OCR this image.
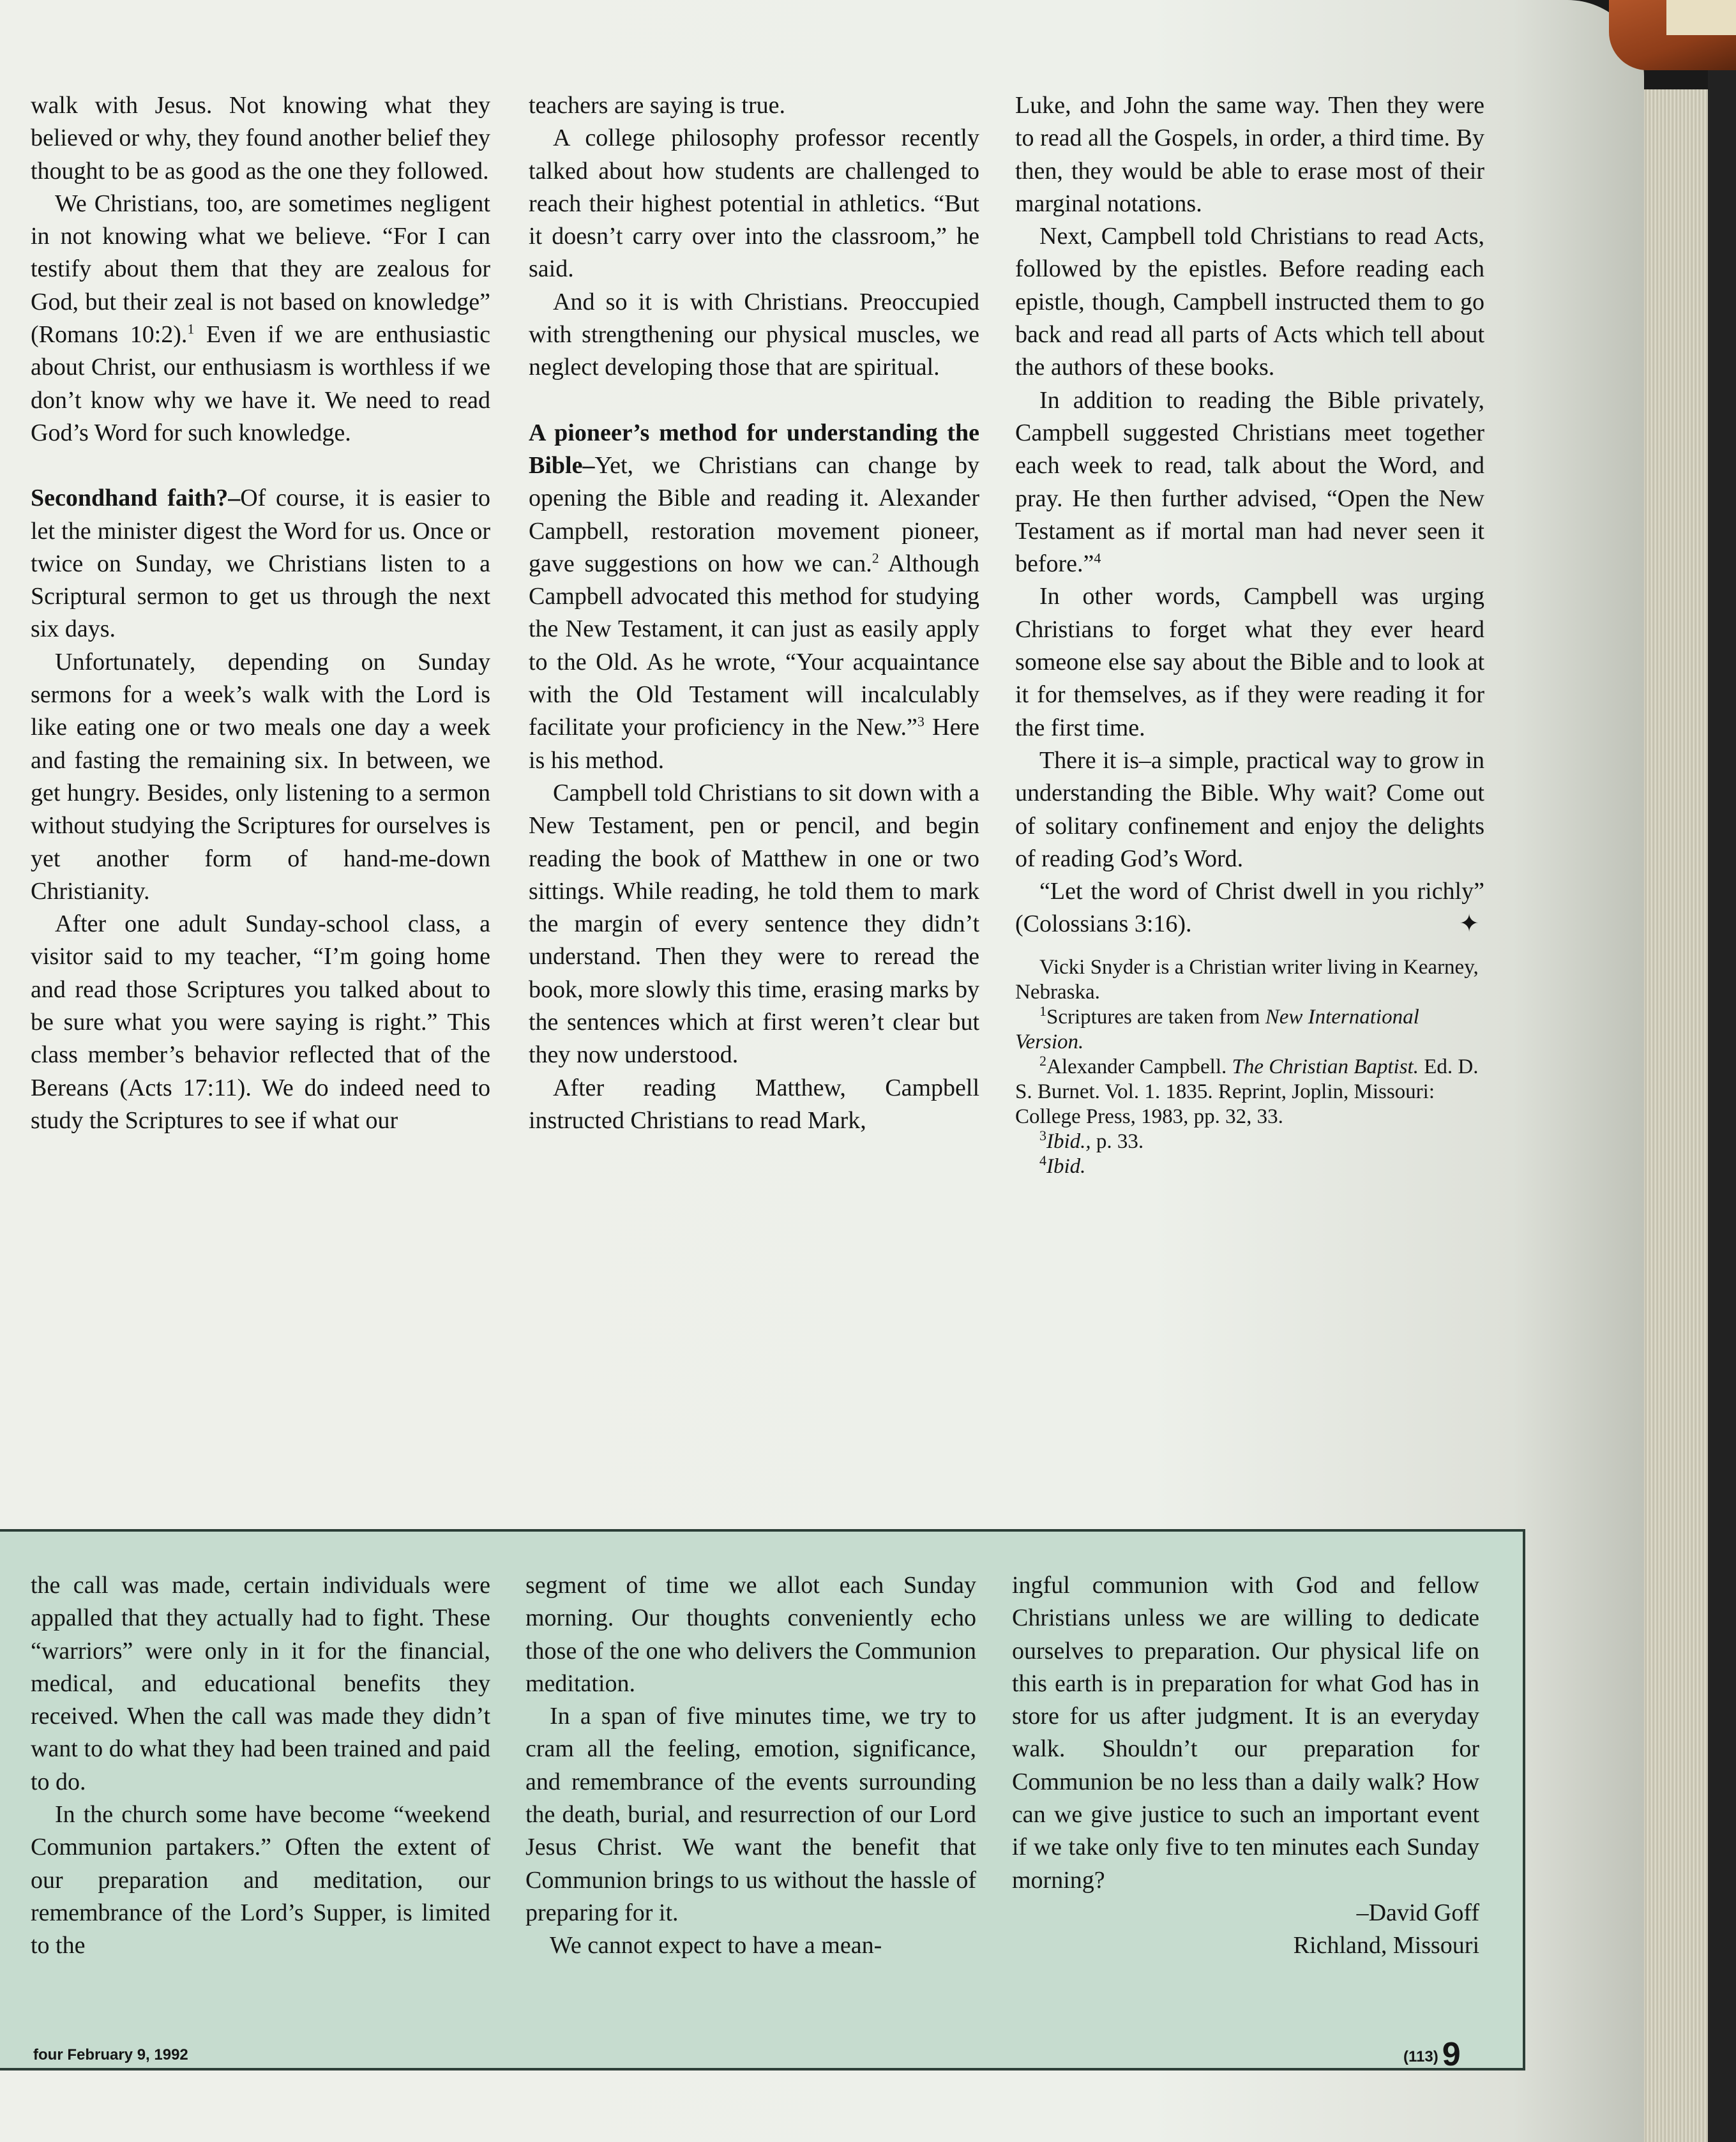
walk with Jesus. Not knowing what they believed or why, they found another belief they thought to be as good as the one they followed.

We Christians, too, are sometimes negligent in not knowing what we believe. “For I can testify about them that they are zealous for God, but their zeal is not based on knowledge” (Romans 10:2).$^1$ Even if we are enthusiastic about Christ, our enthusiasm is worthless if we don’t know why we have it. We need to read God’s Word for such knowledge.

Secondhand faith?–Of course, it is easier to let the minister digest the Word for us. Once or twice on Sunday, we Christians listen to a Scriptural sermon to get us through the next six days.

Unfortunately, depending on Sunday sermons for a week’s walk with the Lord is like eating one or two meals one day a week and fasting the remaining six. In between, we get hungry. Besides, only listening to a sermon without studying the Scriptures for ourselves is yet another form of hand-me-down Christianity.

After one adult Sunday-school class, a visitor said to my teacher, “I’m going home and read those Scriptures you talked about to be sure what you were saying is right.” This class member’s behavior reflected that of the Bereans (Acts 17:11). We do indeed need to study the Scriptures to see if what our

teachers are saying is true.

A college philosophy professor recently talked about how students are challenged to reach their highest potential in athletics. “But it doesn’t carry over into the classroom,” he said.

And so it is with Christians. Preoccupied with strengthening our physical muscles, we neglect developing those that are spiritual.

A pioneer’s method for understanding the Bible–Yet, we Christians can change by opening the Bible and reading it. Alexander Campbell, restoration movement pioneer, gave suggestions on how we can.$^2$ Although Campbell advocated this method for studying the New Testament, it can just as easily apply to the Old. As he wrote, “Your acquaintance with the Old Testament will incalculably facilitate your proficiency in the New.”$^3$ Here is his method.

Campbell told Christians to sit down with a New Testament, pen or pencil, and begin reading the book of Matthew in one or two sittings. While reading, he told them to mark the margin of every sentence they didn’t understand. Then they were to reread the book, more slowly this time, erasing marks by the sentences which at first weren’t clear but they now understood.

After reading Matthew, Campbell instructed Christians to read Mark,

Luke, and John the same way. Then they were to read all the Gospels, in order, a third time. By then, they would be able to erase most of their marginal notations.

Next, Campbell told Christians to read Acts, followed by the epistles. Before reading each epistle, though, Campbell instructed them to go back and read all parts of Acts which tell about the authors of these books.

In addition to reading the Bible privately, Campbell suggested Christians meet together each week to read, talk about the Word, and pray. He then further advised, “Open the New Testament as if mortal man had never seen it before.”$^4$

In other words, Campbell was urging Christians to forget what they ever heard someone else say about the Bible and to look at it for themselves, as if they were reading it for the first time.

There it is–a simple, practical way to grow in understanding the Bible. Why wait? Come out of solitary confinement and enjoy the delights of reading God’s Word.

“Let the word of Christ dwell in you richly” (Colossians 3:16).	✦

Vicki Snyder is a Christian writer living in Kearney, Nebraska.
$^1$Scriptures are taken from New International Version.
$^2$Alexander Campbell. The Christian Baptist. Ed. D. S. Burnet. Vol. 1. 1835. Reprint, Joplin, Missouri: College Press, 1983, pp. 32, 33.
$^3$Ibid., p. 33.
$^4$Ibid.

the call was made, certain individuals were appalled that they actually had to fight. These “warriors” were only in it for the financial, medical, and educational benefits they received. When the call was made they didn’t want to do what they had been trained and paid to do.

In the church some have become “weekend Communion partakers.” Often the extent of our preparation and meditation, our remembrance of the Lord’s Supper, is limited to the

segment of time we allot each Sunday morning. Our thoughts conveniently echo those of the one who delivers the Communion meditation.

In a span of five minutes time, we try to cram all the feeling, emotion, significance, and remembrance of the events surrounding the death, burial, and resurrection of our Lord Jesus Christ. We want the benefit that Communion brings to us without the hassle of preparing for it.

We cannot expect to have a mean-

ingful communion with God and fellow Christians unless we are willing to dedicate ourselves to preparation. Our physical life on this earth is in preparation for what God has in store for us after judgment. It is an everyday walk. Shouldn’t our preparation for Communion be no less than a daily walk? How can we give justice to such an important event if we take only five to ten minutes each Sunday morning?

–David Goff
Richland, Missouri
four February 9, 1992	(113) 9
